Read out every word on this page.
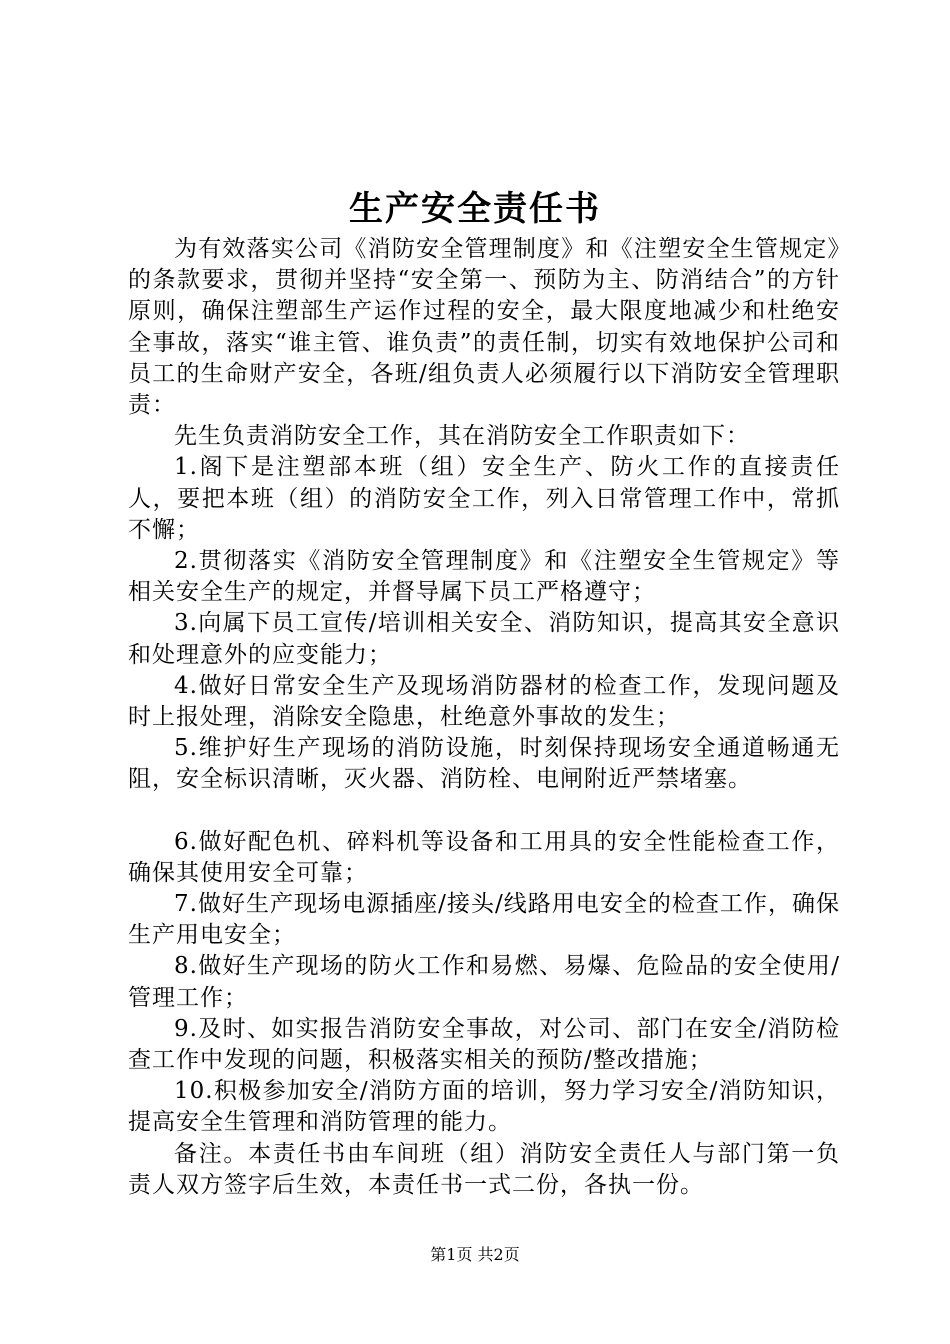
生产安全责任书

为有效落实公司《消防安全管理制度》和《注塑安全生管规定》的条款要求，贯彻并坚持“安全第一、预防为主、防消结合”的方针原则，确保注塑部生产运作过程的安全，最大限度地减少和杜绝安全事故，落实“谁主管、谁负责”的责任制，切实有效地保护公司和员工的生命财产安全，各班/组负责人必须履行以下消防安全管理职责：

先生负责消防安全工作，其在消防安全工作职责如下：

1.阁下是注塑部本班（组）安全生产、防火工作的直接责任人，要把本班（组）的消防安全工作，列入日常管理工作中，常抓不懈；

2.贯彻落实《消防安全管理制度》和《注塑安全生管规定》等相关安全生产的规定，并督导属下员工严格遵守；

3.向属下员工宣传/培训相关安全、消防知识，提高其安全意识和处理意外的应变能力；

4.做好日常安全生产及现场消防器材的检查工作，发现问题及时上报处理，消除安全隐患，杜绝意外事故的发生；

5.维护好生产现场的消防设施，时刻保持现场安全通道畅通无阻，安全标识清晰，灭火器、消防栓、电闸附近严禁堵塞。

6.做好配色机、碎料机等设备和工用具的安全性能检查工作，确保其使用安全可靠；

7.做好生产现场电源插座/接头/线路用电安全的检查工作，确保生产用电安全；

8.做好生产现场的防火工作和易燃、易爆、危险品的安全使用/管理工作；

9.及时、如实报告消防安全事故，对公司、部门在安全/消防检查工作中发现的问题，积极落实相关的预防/整改措施；

10.积极参加安全/消防方面的培训，努力学习安全/消防知识，提高安全生管理和消防管理的能力。

备注。本责任书由车间班（组）消防安全责任人与部门第一负责人双方签字后生效，本责任书一式二份，各执一份。

第1页 共2页
